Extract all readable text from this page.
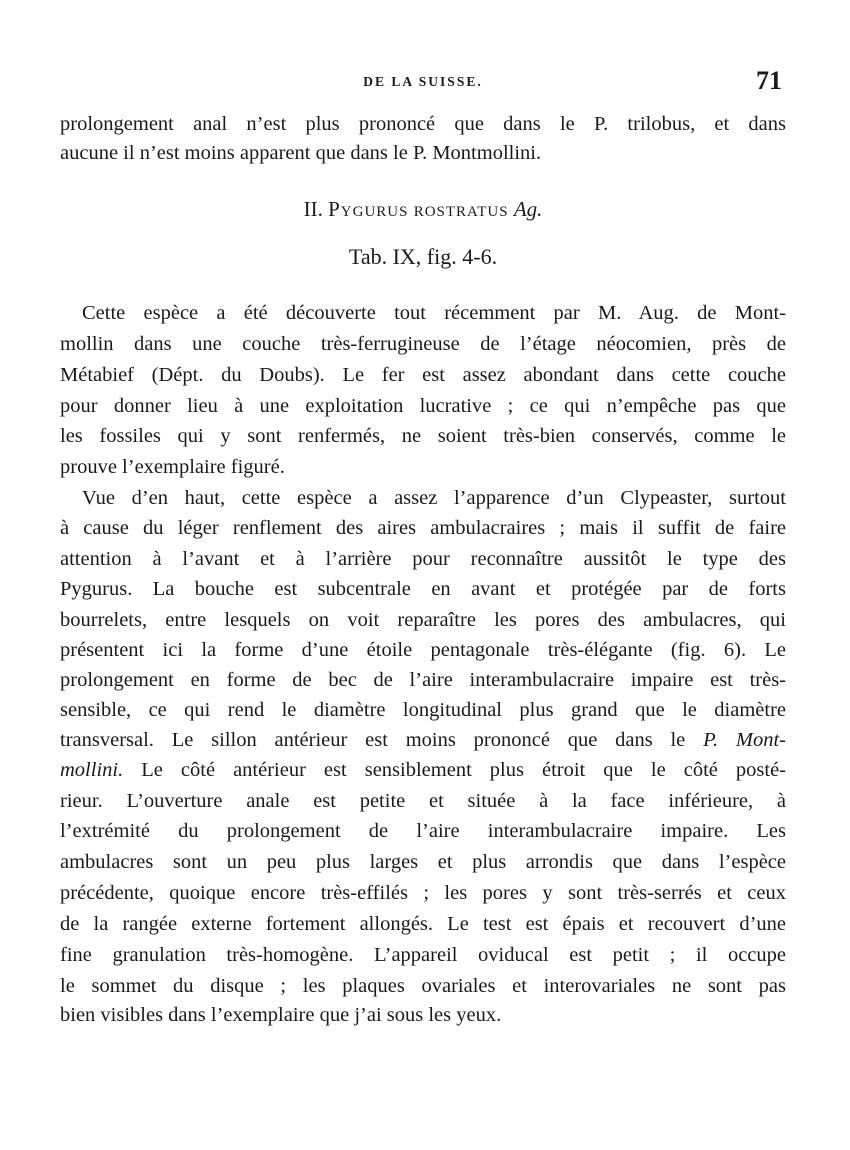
DE LA SUISSE.	71
prolongement anal n’est plus prononcé que dans le P. trilobus, et dans
aucune il n’est moins apparent que dans le P. Montmollini.
II. Pygurus rostratus Ag.
Tab. IX, fig. 4-6.
Cette espèce a été découverte tout récemment par M. Aug. de Mont-
mollin dans une couche très-ferrugineuse de l’étage néocomien, près de
Métabief (Dépt. du Doubs). Le fer est assez abondant dans cette couche
pour donner lieu à une exploitation lucrative ; ce qui n’empêche pas que
les fossiles qui y sont renfermés, ne soient très-bien conservés, comme le
prouve l’exemplaire figuré.
Vue d’en haut, cette espèce a assez l’apparence d’un Clypeaster, surtout
à cause du léger renflement des aires ambulacraires ; mais il suffit de faire
attention à l’avant et à l’arrière pour reconnaître aussitôt le type des
Pygurus. La bouche est subcentrale en avant et protégée par de forts
bourrelets, entre lesquels on voit reparaître les pores des ambulacres, qui
présentent ici la forme d’une étoile pentagonale très-élégante (fig. 6). Le
prolongement en forme de bec de l’aire interambulacraire impaire est très-
sensible, ce qui rend le diamètre longitudinal plus grand que le diamètre
transversal. Le sillon antérieur est moins prononcé que dans le P. Mont-
mollini. Le côté antérieur est sensiblement plus étroit que le côté posté-
rieur. L’ouverture anale est petite et située à la face inférieure, à
l’extrémité du prolongement de l’aire interambulacraire impaire. Les
ambulacres sont un peu plus larges et plus arrondis que dans l’espèce
précédente, quoique encore très-effilés ; les pores y sont très-serrés et ceux
de la rangée externe fortement allongés. Le test est épais et recouvert d’une
fine granulation très-homogène. L’appareil oviducal est petit ; il occupe
le sommet du disque ; les plaques ovariales et interovariales ne sont pas
bien visibles dans l’exemplaire que j’ai sous les yeux.
